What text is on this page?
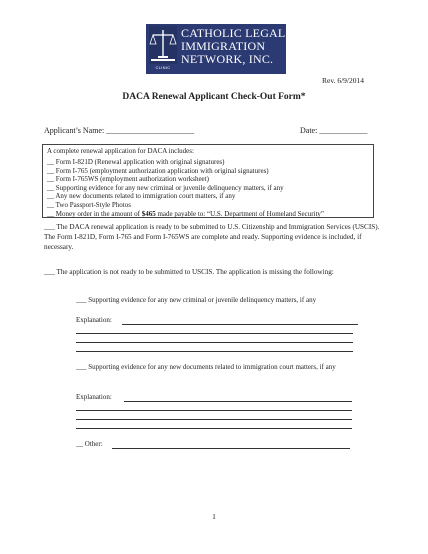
CLINIC
CATHOLIC LEGAL
IMMIGRATION
NETWORK, INC.
Rev. 6/9/2014
DACA Renewal Applicant Check-Out Form*
Applicant’s Name: ______________________	Date: ____________
A complete renewal application for DACA includes:
__ Form I-821D (Renewal application with original signatures)
__ Form I-765 (employment authorization application with original signatures)
__ Form I-765WS (employment authorization worksheet)
__ Supporting evidence for any new criminal or juvenile delinquency matters, if any
__ Any new documents related to immigration court matters, if any
__ Two Passport-Style Photos
__ Money order in the amount of $465 made payable to: “U.S. Department of Homeland Security”
___ The DACA renewal application is ready to be submitted to U.S. Citizenship and Immigration Services (USCIS). The Form I-821D, Form I-765 and Form I-765WS are complete and ready. Supporting evidence is included, if necessary.
___ The application is not ready to be submitted to USCIS. The application is missing the following:
___ Supporting evidence for any new criminal or juvenile delinquency matters, if any
Explanation:
___ Supporting evidence for any new documents related to immigration court matters, if any
Explanation:
__ Other:
1
